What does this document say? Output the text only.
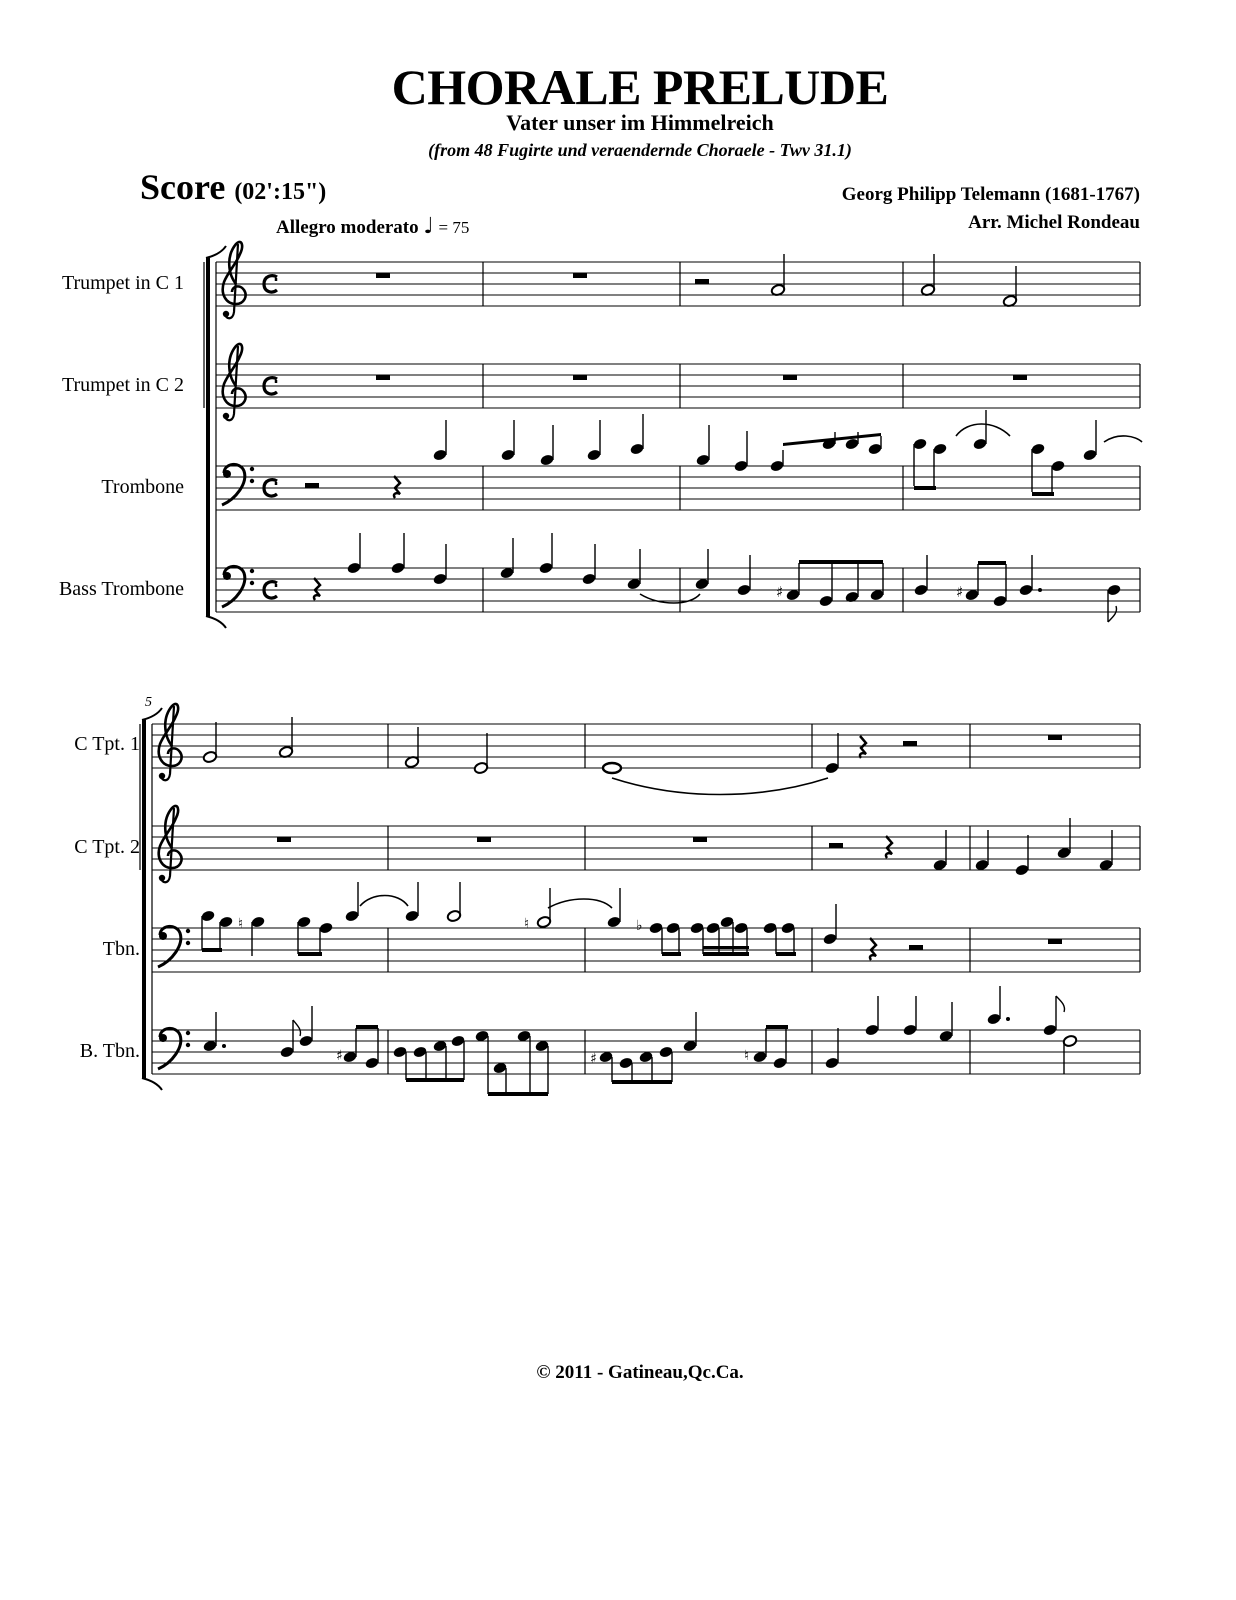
CHORALE PRELUDE
Vater unser im Himmelreich
(from 48 Fugirte und veraendernde Choraele - Twv 31.1)
Score (02':15")
Allegro moderato ♩ = 75
Georg Philipp Telemann (1681-1767)
Arr. Michel Rondeau
Trumpet in C 1
Trumpet in C 2
Trombone
Bass Trombone
C Tpt. 1
C Tpt. 2
Tbn.
B. Tbn.
♯	♯
5
♮	♮	♭
♯	♯	♮
© 2011 - Gatineau,Qc.Ca.
